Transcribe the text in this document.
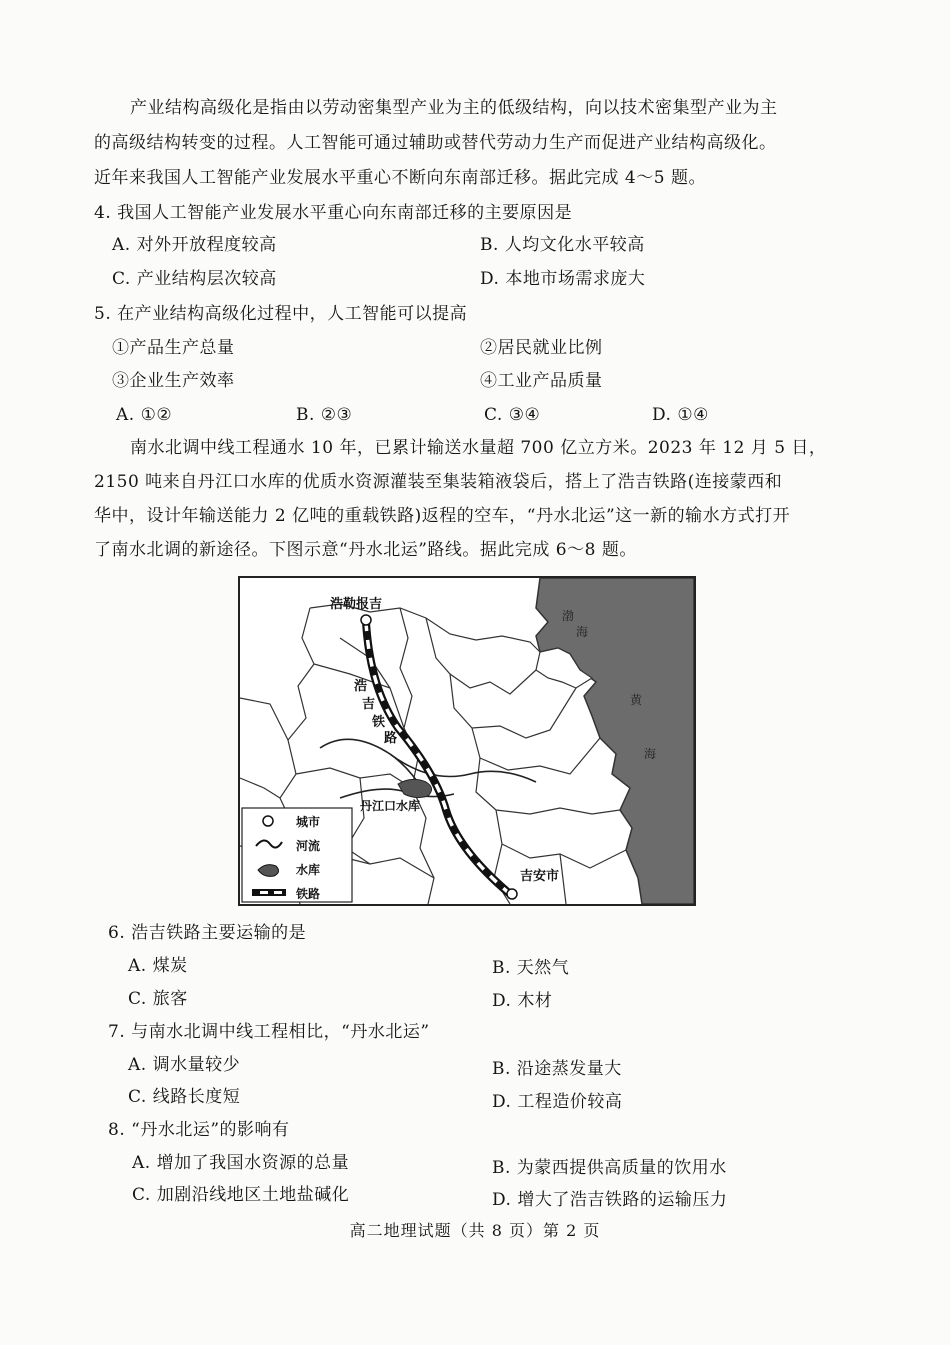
产业结构高级化是指由以劳动密集型产业为主的低级结构，向以技术密集型产业为主
的高级结构转变的过程。人工智能可通过辅助或替代劳动力生产而促进产业结构高级化。
近年来我国人工智能产业发展水平重心不断向东南部迁移。据此完成 4～5 题。
4. 我国人工智能产业发展水平重心向东南部迁移的主要原因是
A. 对外开放程度较高	B. 人均文化水平较高
C. 产业结构层次较高	D. 本地市场需求庞大
5. 在产业结构高级化过程中，人工智能可以提高
①产品生产总量	②居民就业比例
③企业生产效率	④工业产品质量
A. ①②	B. ②③	C. ③④	D. ①④
南水北调中线工程通水 10 年，已累计输送水量超 700 亿立方米。2023 年 12 月 5 日，
2150 吨来自丹江口水库的优质水资源灌装至集装箱液袋后，搭上了浩吉铁路(连接蒙西和
华中，设计年输送能力 2 亿吨的重载铁路)返程的空车，“丹水北运”这一新的输水方式打开
了南水北调的新途径。下图示意“丹水北运”路线。据此完成 6～8 题。
浩勒报吉
吉安市
丹江口水库
浩
吉
铁
路
渤
海
黄
海
城市
河流
水库
铁路
6. 浩吉铁路主要运输的是
A. 煤炭	B. 天然气
C. 旅客	D. 木材
7. 与南水北调中线工程相比，“丹水北运”
A. 调水量较少	B. 沿途蒸发量大
C. 线路长度短	D. 工程造价较高
8. “丹水北运”的影响有
A. 增加了我国水资源的总量	B. 为蒙西提供高质量的饮用水
C. 加剧沿线地区土地盐碱化	D. 增大了浩吉铁路的运输压力
高二地理试题（共 8 页）第 2 页
